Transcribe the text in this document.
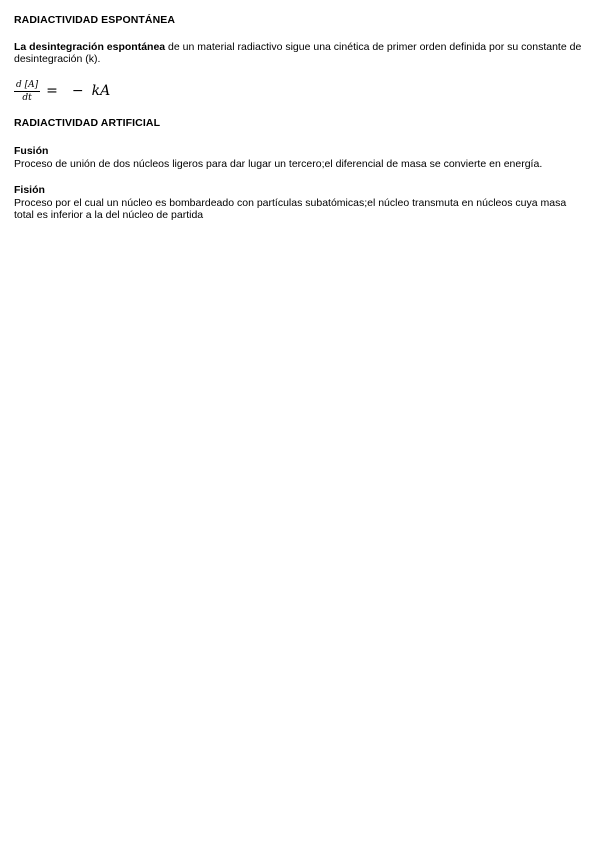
RADIACTIVIDAD ESPONTÁNEA
La desintegración espontánea de un material radiactivo sigue una cinética de primer orden definida por su constante de desintegración (k).
$\frac{d [A]}{dt}$ = − kA
RADIACTIVIDAD ARTIFICIAL
Fusión

Proceso de unión de dos núcleos ligeros para dar lugar un tercero;el diferencial de masa se convierte en energía.

Fisión

Proceso por el cual un núcleo es bombardeado con partículas subatómicas;el núcleo transmuta en núcleos cuya masa total es inferior a la del núcleo de partida
